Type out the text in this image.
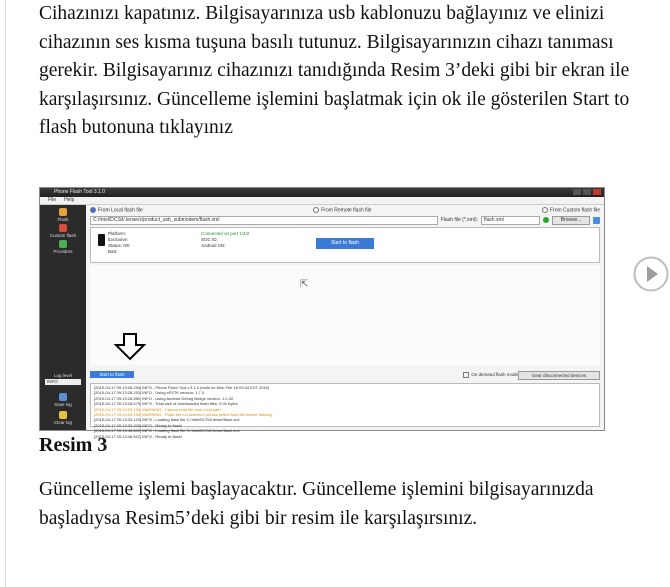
Cihazınızı kapatınız. Bilgisayarınıza usb kablonuzu bağlayınız ve elinizi cihazının ses kısma tuşuna basılı tutunuz. Bilgisayarınızın cihazı tanıması gerekir. Bilgisayarınız cihazınızı tanıdığında Resim 3’deki gibi bir ekran ile karşılaşırsınız. Güncelleme işlemini başlatmak için ok ile gösterilen Start to flash butonuna tıklayınız

Phone Flash Tool 3.1.0
File Help
Flash
Custom flash
Providers
Log level
INFO
Save log
Clear log
From Local flash file	From Remote flash file	From Custom flash file
C:/Intel/DCS/l/.lense/z/product_usb_submodem/flash.xml	Flash file (*.xml):	flash.xml	Browse...
Platform:
Exclusive:
Status: 0/0
Batt:
Connected on port 1/3/2
SOC ID:
Android SN:	Start to flash
⇱
Start to flash	On demand flash mode	Gear disconnected devices
[2015-04-17 09:13:28.253] INFO - Phone Flash Tool v.3.1.0 (build on Mon Feb 16 03:44 EST 2015)
[2015-04-17 09:13:28.253] INFO - Using xFSTK version: 1.7.0
[2015-04-17 09:13:28.582] INFO - Using Android Debug Bridge version: 1.0.32
[2015-04-17 09:13:28.675] INFO - Total size of downloaded flash files: 0.00 bytes
[2015-04-17 09:13:29.193] WARNING - Cannot read file from local path
[2015-04-17 09:13:29.193] WARNING - Flash file not selected: please select flash file before flashing
[2015-04-17 09:13:33.120] INFO - Loading flash file C:/Intel/DCS/l/.lense/flash.xml
[2015-04-17 09:13:33.325] INFO - Ready to flash!
[2015-04-17 09:13:46.820] INFO - Loading flash file C:/Intel/DCS/l/.lense/flash.xml
[2015-04-17 09:13:46.822] INFO - Ready to flash!
Resim 3

Güncelleme işlemi başlayacaktır. Güncelleme işlemini bilgisayarınızda başladıysa Resim5’deki gibi bir resim ile karşılaşırsınız.
